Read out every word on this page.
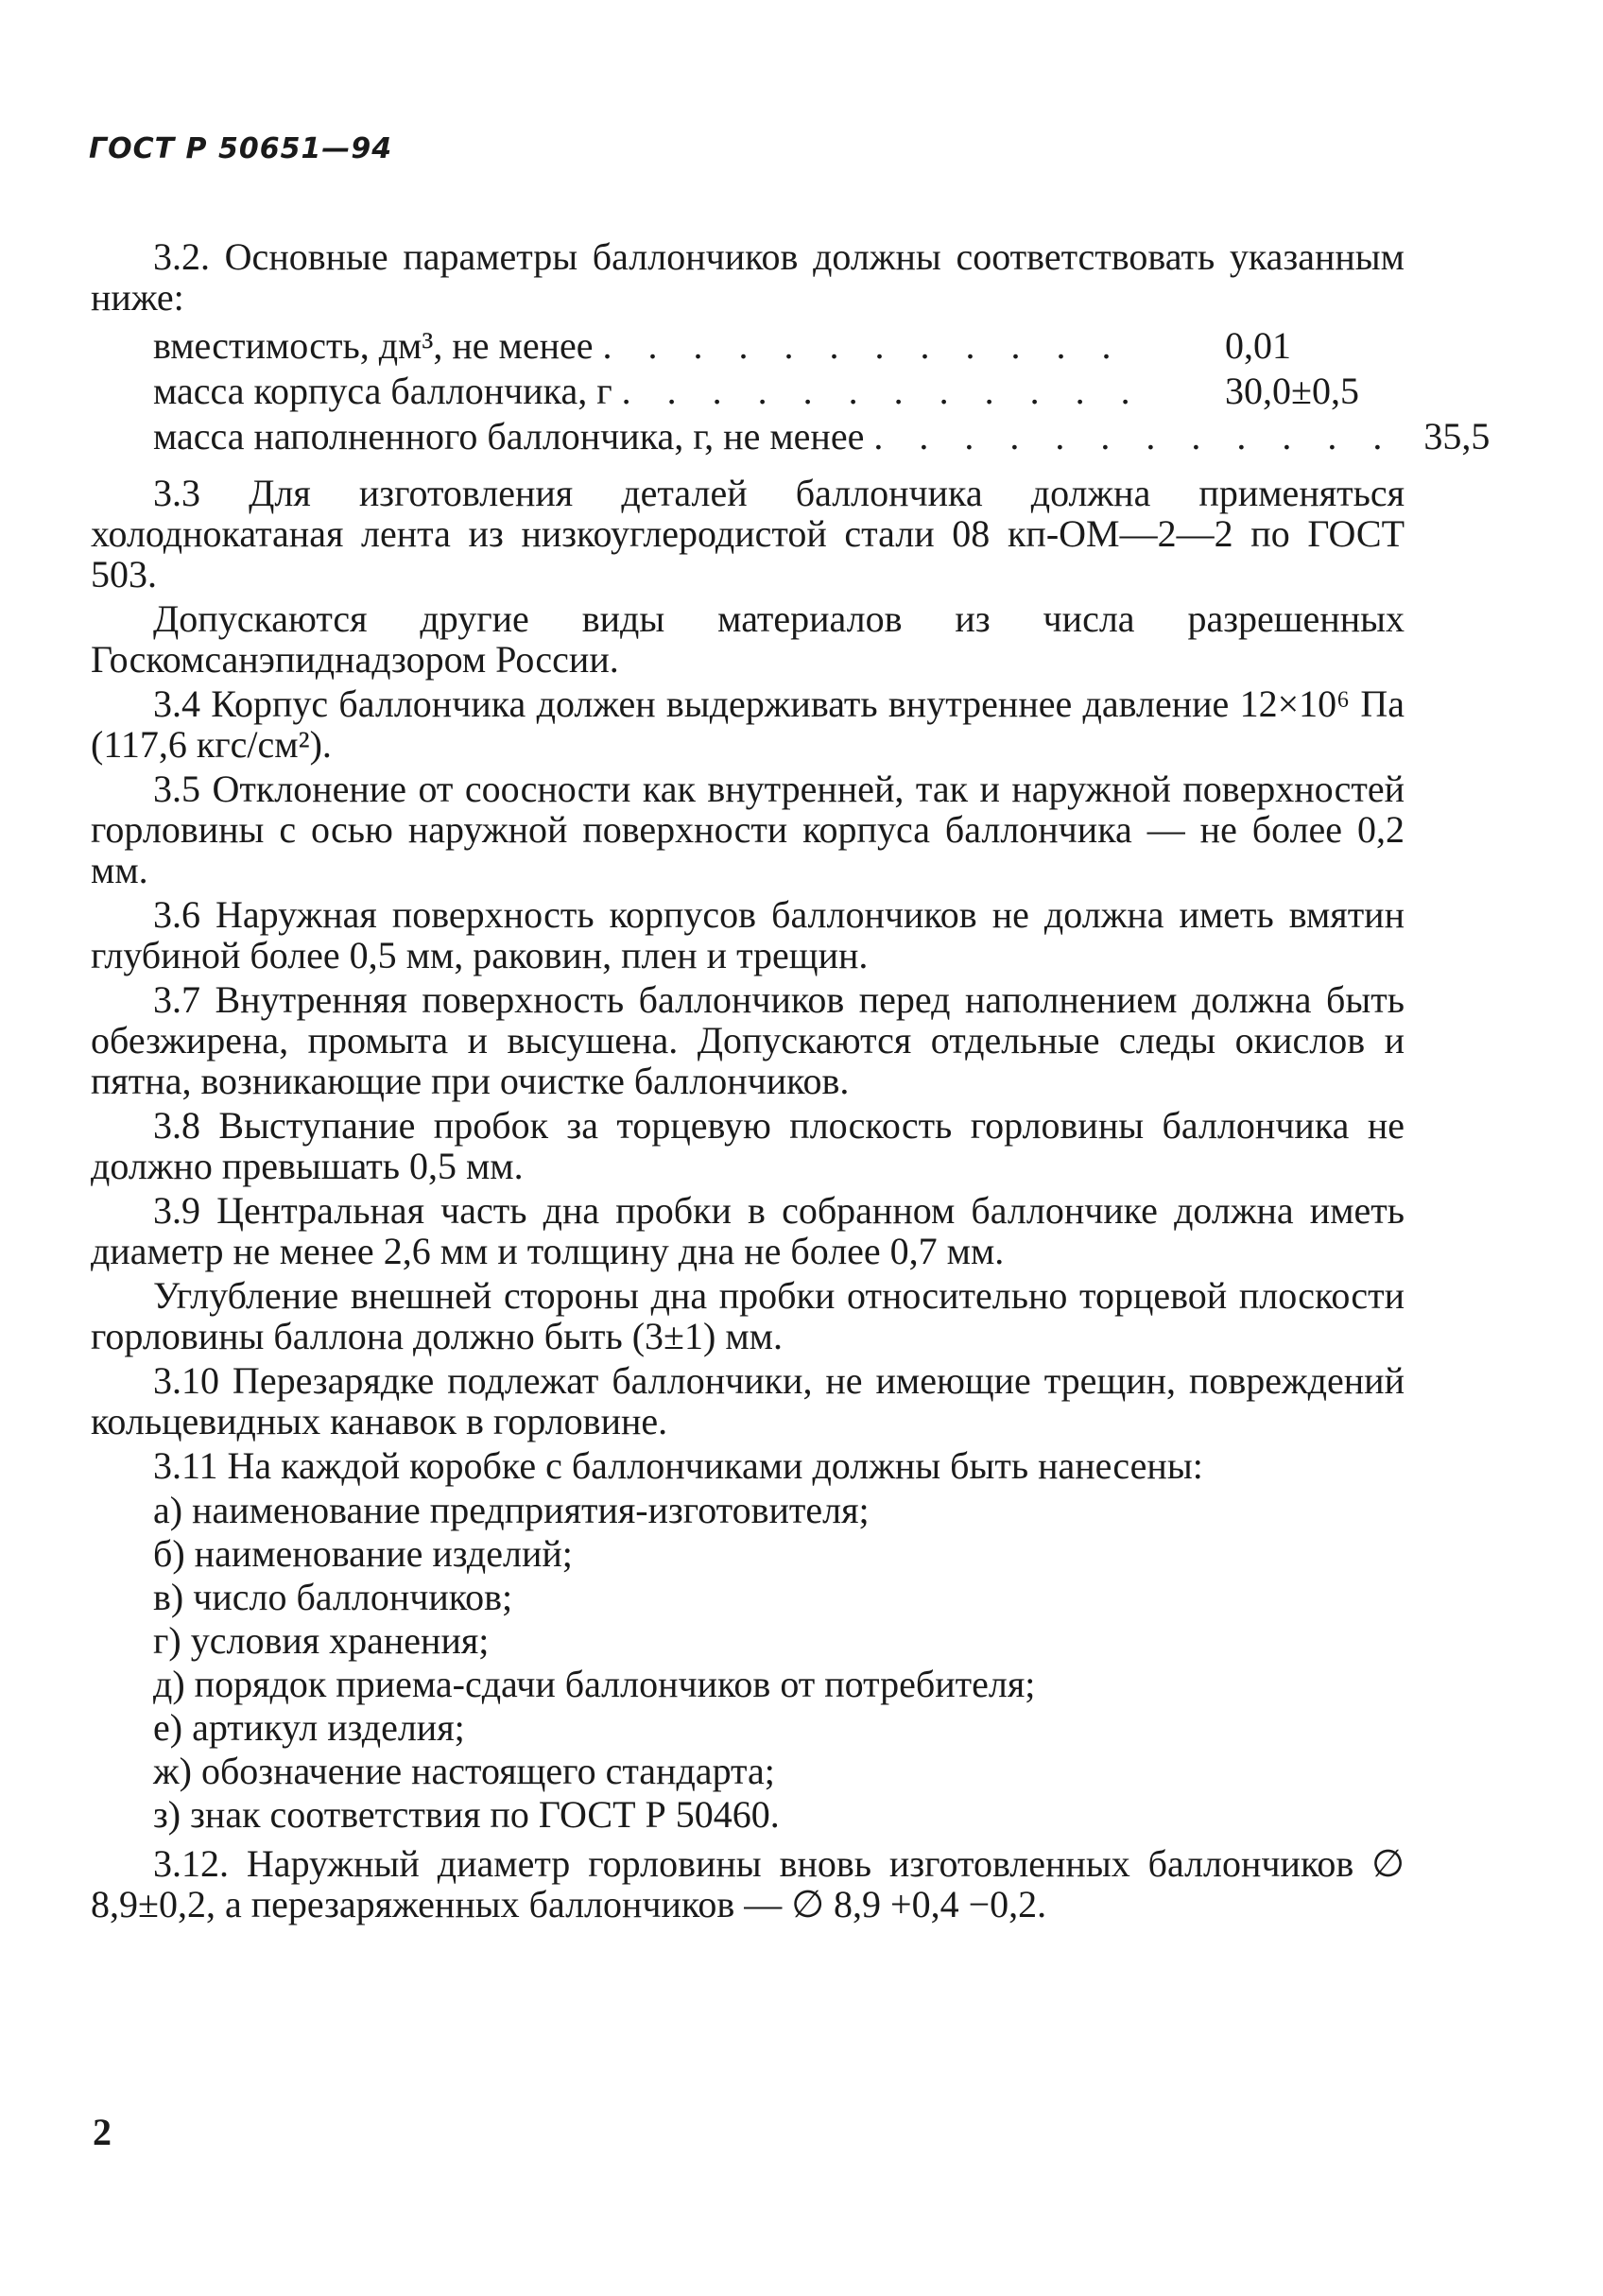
ГОСТ Р 50651—94

3.2. Основные параметры баллончиков должны соответствовать указанным ниже:

вместимость, дм³, не менее . . . . . . . . . . . .	0,01
масса корпуса баллончика, г . . . . . . . . . . . .	30,0±0,5
масса наполненного баллончика, г, не менее . . . . . . . . . . . . 35,5

3.3 Для изготовления деталей баллончика должна применяться холоднокатаная лента из низкоуглеродистой стали 08 кп-ОМ—2—2 по ГОСТ 503.

Допускаются другие виды материалов из числа разрешенных Госкомсанэпиднадзором России.

3.4 Корпус баллончика должен выдерживать внутреннее давление 12×10⁶ Па (117,6 кгс/см²).

3.5 Отклонение от соосности как внутренней, так и наружной поверхностей горловины с осью наружной поверхности корпуса баллончика — не более 0,2 мм.

3.6 Наружная поверхность корпусов баллончиков не должна иметь вмятин глубиной более 0,5 мм, раковин, плен и трещин.

3.7 Внутренняя поверхность баллончиков перед наполнением должна быть обезжирена, промыта и высушена. Допускаются отдельные следы окислов и пятна, возникающие при очистке баллончиков.

3.8 Выступание пробок за торцевую плоскость горловины баллончика не должно превышать 0,5 мм.

3.9 Центральная часть дна пробки в собранном баллончике должна иметь диаметр не менее 2,6 мм и толщину дна не более 0,7 мм.

Углубление внешней стороны дна пробки относительно торцевой плоскости горловины баллона должно быть (3±1) мм.

3.10 Перезарядке подлежат баллончики, не имеющие трещин, повреждений кольцевидных канавок в горловине.

3.11 На каждой коробке с баллончиками должны быть нанесены:

а) наименование предприятия-изготовителя;
б) наименование изделий;
в) число баллончиков;
г) условия хранения;
д) порядок приема-сдачи баллончиков от потребителя;
е) артикул изделия;
ж) обозначение настоящего стандарта;
з) знак соответствия по ГОСТ Р 50460.

3.12. Наружный диаметр горловины вновь изготовленных баллончиков ∅ 8,9±0,2, а перезаряженных баллончиков — ∅ 8,9 +0,4 −0,2.

2
